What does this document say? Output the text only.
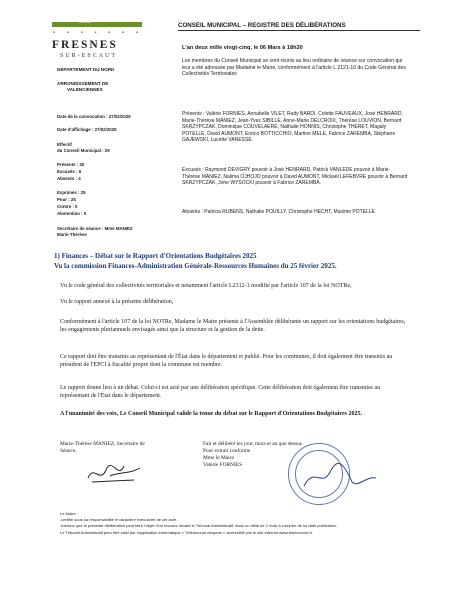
VILLE DE
▪ ▪ ▪ ▪ ▪ ▪ ▪
FRESNES
SUR-ESCAUT
DÉPARTEMENT DU NORD
ARRONDISSEMENT DE
VALENCIENNES
CONSEIL MUNICIPAL – REGISTRE DES DÉLIBÉRATIONS
L'an deux mille vingt-cinq, le 06 Mars à 18h30
Les membres du Conseil Municipal se sont réunis au lieu ordinaire de séance sur convocation qui leur a été adressée par Madame le Maire, conformément à l'article L 2121-10 du Code Général des Collectivités Territoriales
Date de la convocation : 27/02/2025
Date d'affichage : 27/02/2025
Effectif
du Conseil Municipal : 29
Présents : 20
Excusés : 6
Absents : 4
Exprimés : 25
Pour : 25
Contre : 0
Abstention : 0
Secrétaire de séance : Mme MANIEZ
Marie-Thérèse
Présents : Valérie FORNIES, Annabelle VILET, Rudy BARDI, Colette FAUVEAUX, José HENRARD, Marie-Thérèse MANIEZ, Jean-Yves SIBILLE, Anne-Marie DELCROIX, Thérèse LOUVION, Bernard SKRZYPCZAK, Dominique COUVELAERE, Nathalie HONNIS, Christophe THERET, Magaly POTELLE, David AUMONT, Enrico BOTTICCHIO, Martine MELE, Fabrice ZAREMBA, Stéphane GAJEWSKI, Lucette VANESSE.
Excusés : Raymond DEVIGRY pouvoir à José HENRARD, Patrick VANLEDE pouvoir à Marie-Thérèse MANIEZ, Nalima OJHOJO pouvoir à David AUMONT, Mickaël LEFEBVRE pouvoir à Bernard SKRZYPCZAK, Jorie WYSOCKI pouvoir à Fabrice ZAREMBA.
Absents : Patricia RUBENS, Nathalie POUILLY, Christophe HECHT, Maxime POTELLE
1) Finances – Débat sur le Rapport d'Orientations Budgétaires 2025
Vu la commission Finances-Administration Générale-Ressources Humaines du 25 février 2025.
Vu le code général des collectivités territoriales et notamment l'article L2312-1 modifié par l'article 107 de la loi NOTRe,
Vu le rapport annexé à la présente délibération,
Conformément à l'article 107 de la loi NOTRe, Madame le Maire présente à l'Assemblée délibérante un rapport sur les orientations budgétaires, les engagements pluriannuels envisagés ainsi que la structure et la gestion de la dette.
Ce rapport doit être transmis au représentant de l'État dans le département et publié. Pour les communes, il doit également être transmis au président de l'EPCI à fiscalité propre dont la commune est membre.
Le rapport donne lieu à un débat. Celui-ci est acté par une délibération spécifique. Cette délibération doit également être transmise au représentant de l'État dans le département.
A l'unanimité des voix, Le Conseil Municipal valide la tenue du débat sur le Rapport d'Orientations Budgétaires 2025.
Marie-Thérèse MANIEZ, Secrétaire de
Séance,
Fait et délibéré les jour, mois et an que dessus
Pour extrait conforme
Mme le Maire
Valérie FORNIES
Le Maire :
-certifie sous sa responsabilité le caractère exécutoire de cet acte.
-informe que la présente délibération peut faire l'objet d'un recours devant le Tribunal Administratif, dans un délai de 2 mois à compter de sa date publication.
Le Tribunal Administratif peut être saisi par l'application informatique « Télérecours citoyens » accessible par le site internet www.telerecours.fr.
